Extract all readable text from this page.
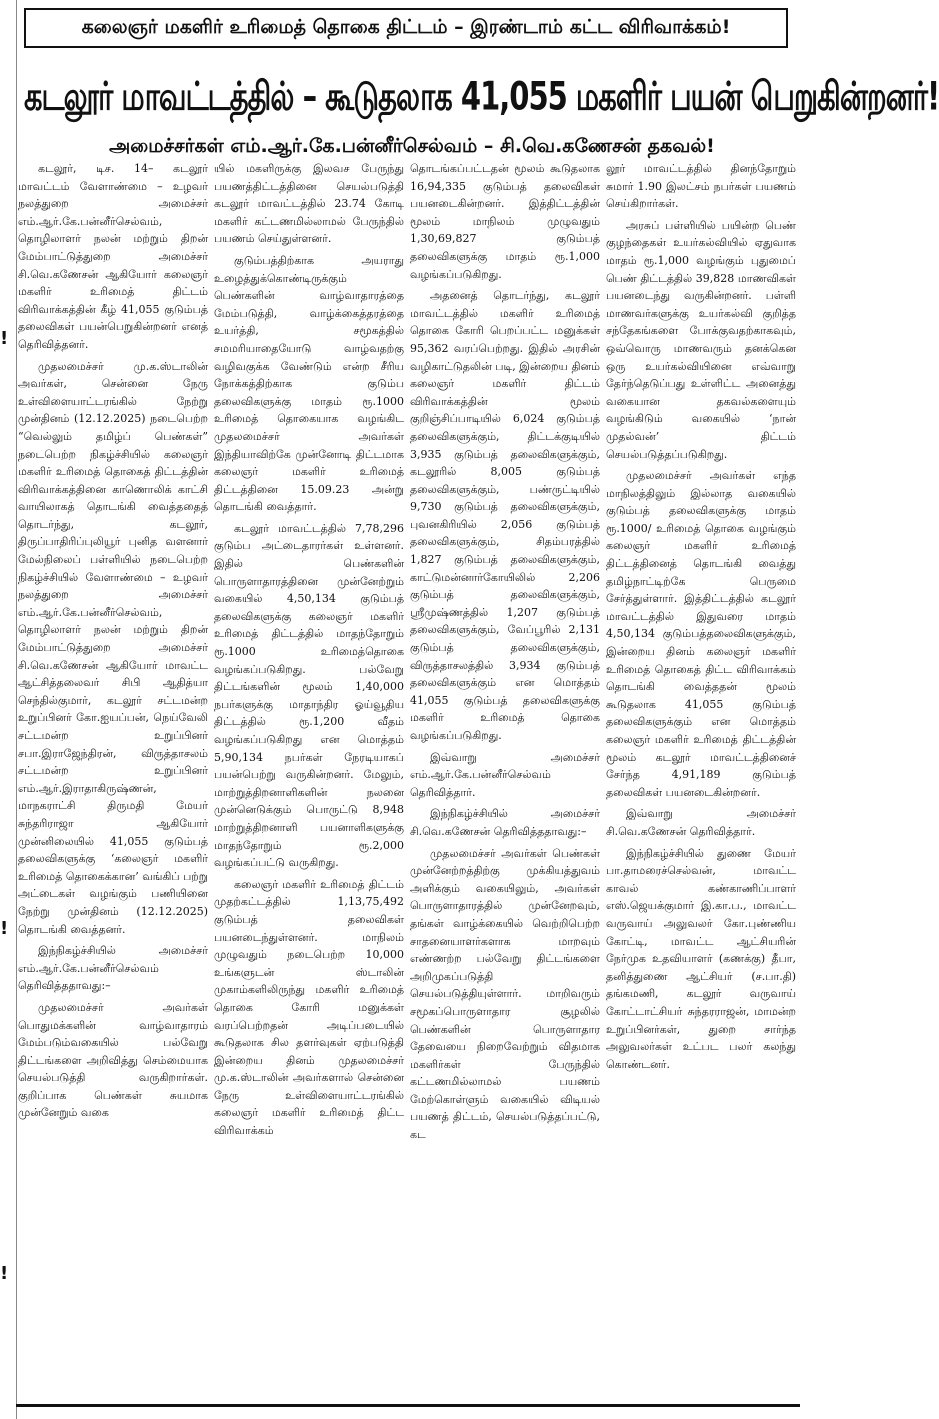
!
!
!
கலைஞர் மகளிர் உரிமைத் தொகை திட்டம் – இரண்டாம் கட்ட விரிவாக்கம்!
கடலூர் மாவட்டத்தில் – கூடுதலாக 41,055 மகளிர் பயன் பெறுகின்றனர்!
அமைச்சர்கள் எம்.ஆர்.கே.பன்னீர்செல்வம் – சி.வெ.கணேசன் தகவல்!

கடலூர், டிச. 14– கடலூர் மாவட்டம் வேளாண்மை – உழவர் நலத்துறை அமைச்சர் எம்.ஆர்.கே.பன்னீர்செல்வம், தொழிலாளர் நலன் மற்றும் திறன் மேம்பாட்டுத்துறை அமைச்சர் சி.வெ.கணேசன் ஆகியோர் கலைஞர் மகளிர் உரிமைத் திட்டம் விரிவாக்கத்தின் கீழ் 41,055 குடும்பத் தலைவிகள் பயன்பெறுகின்றனர் எனத் தெரிவித்தனர்.

முதலமைச்சர் மு.க.ஸ்டாலின் அவர்கள், சென்னை நேரு உள்விளையாட்டரங்கில் நேற்று முன்தினம் (12.12.2025) நடைபெற்ற “வெல்லும் தமிழ்ப் பெண்கள்” நடைபெற்ற நிகழ்ச்சியில் கலைஞர் மகளிர் உரிமைத் தொகைத் திட்டத்தின் விரிவாக்கத்தினை காணொலிக் காட்சி வாயிலாகத் தொடங்கி வைத்ததைத் தொடர்ந்து, கடலூர், திருப்பாதிரிப்புலியூர் புனித வளனார் மேல்நிலைப் பள்ளியில் நடைபெற்ற நிகழ்ச்சியில் வேளாண்மை – உழவர் நலத்துறை அமைச்சர் எம்.ஆர்.கே.பன்னீர்செல்வம், தொழிலாளர் நலன் மற்றும் திறன் மேம்பாட்டுத்துறை அமைச்சர் சி.வெ.கணேசன் ஆகியோர் மாவட்ட ஆட்சித்தலைவர் சிபி ஆதித்யா செந்தில்குமார், கடலூர் சட்டமன்ற உறுப்பினர் கோ.ஐயப்பன், நெய்வேலி சட்டமன்ற உறுப்பினர் சபா.இராஜேந்திரன், விருத்தாசலம் சட்டமன்ற உறுப்பினர் எம்.ஆர்.இராதாகிருஷ்ணன், மாநகராட்சி திருமதி மேயர் சுந்தரிராஜா ஆகியோர் முன்னிலையில் 41,055 குடும்பத் தலைவிகளுக்கு ‘கலைஞர் மகளிர் உரிமைத் தொகைக்கான’ வங்கிப் பற்று அட்டைகள் வழங்கும் பணியினை நேற்று முன்தினம் (12.12.2025) தொடங்கி வைத்தனர்.

இந்நிகழ்ச்சியில் அமைச்சர் எம்.ஆர்.கே.பன்னீர்செல்வம் தெரிவித்ததாவது:–

முதலமைச்சர் அவர்கள் பொதுமக்களின் வாழ்வாதாரம் மேம்படும்வகையில் பல்வேறு திட்டங்களை அறிவித்து செம்மையாக செயல்படுத்தி வருகிறார்கள். குறிப்பாக பெண்கள் சுயமாக முன்னேறும் வகை

யில் மகளிருக்கு இலவச பேருந்து பயணத்திட்டத்தினை செயல்படுத்தி கடலூர் மாவட்டத்தில் 23.74 கோடி மகளிர் கட்டணமில்லாமல் பேருந்தில் பயணம் செய்துள்ளனர்.

குடும்பத்திற்காக அயராது உழைத்துக்கொண்டிருக்கும் பெண்களின் வாழ்வாதாரத்தை மேம்படுத்தி, வாழ்க்கைத்தரத்தை உயர்த்தி, சமூகத்தில் சமமரியாதையோடு வாழ்வதற்கு வழிவகுக்க வேண்டும் என்ற சீரிய நோக்கத்திற்காக குடும்ப தலைவிகளுக்கு மாதம் ரூ.1000 உரிமைத் தொகையாக வழங்கிட முதலமைச்சர் அவர்கள் இந்தியாவிற்கே முன்னோடி திட்டமாக கலைஞர் மகளிர் உரிமைத் திட்டத்தினை 15.09.23 அன்று தொடங்கி வைத்தார்.

கடலூர் மாவட்டத்தில் 7,78,296 குடும்ப அட்டைதாரர்கள் உள்ளனர். இதில் பெண்களின் பொருளாதாரத்தினை முன்னேற்றும் வகையில் 4,50,134 குடும்பத் தலைவிகளுக்கு கலைஞர் மகளிர் உரிமைத் திட்டத்தில் மாதந்தோறும் ரூ.1000 உரிமைத்தொகை வழங்கப்படுகிறது. பல்வேறு திட்டங்களின் மூலம் 1,40,000 நபர்களுக்கு மாதாந்திர ஓய்வூதிய திட்டத்தில் ரூ.1,200 வீதம் வழங்கப்படுகிறது என மொத்தம் 5,90,134 நபர்கள் நேரடியாகப் பயன்பெற்று வருகின்றனர். மேலும், மாற்றுத்திறனாளிகளின் நலனை முன்னெடுக்கும் பொருட்டு 8,948 மாற்றுத்திறனாளி பயனாளிகளுக்கு மாதந்தோறும் ரூ.2,000 வழங்கப்பட்டு வருகிறது.

கலைஞர் மகளிர் உரிமைத் திட்டம் முதற்கட்டத்தில் 1,13,75,492 குடும்பத் தலைவிகள் பயனடைந்துள்ளனர். மாநிலம் முழுவதும் நடைபெற்ற 10,000 உங்களுடன் ஸ்டாலின் முகாம்களிலிருந்து மகளிர் உரிமைத் தொகை கோரி மனுக்கள் வரப்பெற்றதன் அடிப்படையில் கூடுதலாக சில தளர்வுகள் ஏற்படுத்தி இன்றைய தினம் முதலமைச்சர் மு.க.ஸ்டாலின் அவர்களால் சென்னை நேரு உள்விளையாட்டரங்கில் கலைஞர் மகளிர் உரிமைத் திட்ட விரிவாக்கம்

தொடங்கப்பட்டதன் மூலம் கூடுதலாக 16,94,335 குடும்பத் தலைவிகள் பயனடைகின்றனர். இத்திட்டத்தின் மூலம் மாநிலம் முழுவதும் 1,30,69,827 குடும்பத் தலைவிகளுக்கு மாதம் ரூ.1,000 வழங்கப்படுகிறது.

அதனைத் தொடர்ந்து, கடலூர் மாவட்டத்தில் மகளிர் உரிமைத் தொகை கோரி பெறப்பட்ட மனுக்கள் 95,362 வரப்பெற்றது. இதில் அரசின் வழிகாட்டுதலின் படி, இன்றைய தினம் கலைஞர் மகளிர் திட்டம் விரிவாக்கத்தின் மூலம் குறிஞ்சிப்பாடியில் 6,024 குடும்பத் தலைவிகளுக்கும், திட்டக்குடியில் 3,935 குடும்பத் தலைவிகளுக்கும், கடலூரில் 8,005 குடும்பத் தலைவிகளுக்கும், பண்ருட்டியில் 9,730 குடும்பத் தலைவிகளுக்கும், புவனகிரியில் 2,056 குடும்பத் தலைவிகளுக்கும், சிதம்பரத்தில் 1,827 குடும்பத் தலைவிகளுக்கும், காட்டுமன்னார்கோயிலில் 2,206 குடும்பத் தலைவிகளுக்கும், ஸ்ரீமுஷ்ணத்தில் 1,207 குடும்பத் தலைவிகளுக்கும், வேப்பூரில் 2,131 குடும்பத் தலைவிகளுக்கும், விருத்தாசலத்தில் 3,934 குடும்பத் தலைவிகளுக்கும் என மொத்தம் 41,055 குடும்பத் தலைவிகளுக்கு மகளிர் உரிமைத் தொகை வழங்கப்படுகிறது.

இவ்வாறு அமைச்சர் எம்.ஆர்.கே.பன்னீர்செல்வம் தெரிவித்தார்.

இந்நிகழ்ச்சியில் அமைச்சர் சி.வெ.கணேசன் தெரிவித்ததாவது:–

முதலமைச்சர் அவர்கள் பெண்கள் முன்னேற்றத்திற்கு முக்கியத்துவம் அளிக்கும் வகையிலும், அவர்கள் பொருளாதாரத்தில் முன்னேறவும், தங்கள் வாழ்க்கையில் வெற்றிபெற்ற சாதனையாளர்களாக மாறவும் எண்ணற்ற பல்வேறு திட்டங்களை அறிமுகப்படுத்தி செயல்படுத்தியுள்ளார். மாறிவரும் சமூகப்பொருளாதார சூழலில் பெண்களின் பொருளாதார தேவையை நிறைவேற்றும் விதமாக மகளிர்கள் பேருந்தில் கட்டணமில்லாமல் பயணம் மேற்கொள்ளும் வகையில் விடியல் பயணத் திட்டம், செயல்படுத்தப்பட்டு, கட

லூர் மாவட்டத்தில் தினந்தோறும் சுமார் 1.90 இலட்சம் நபர்கள் பயணம் செய்கிறார்கள்.

அரசுப் பள்ளியில் பயின்ற பெண் குழந்தைகள் உயர்கல்வியில் ஏதுவாக மாதம் ரூ.1,000 வழங்கும் புதுமைப் பெண் திட்டத்தில் 39,828 மாணவிகள் பயனடைந்து வருகின்றனர். பள்ளி மாணவர்களுக்கு உயர்கல்வி குறித்த சந்தேகங்களை போக்குவதற்காகவும், ஒவ்வொரு மாணவரும் தனக்கென ஒரு உயர்கல்வியினை எவ்வாறு தேர்ந்தெடுப்பது உள்ளிட்ட அனைத்து வகையான தகவல்களையும் வழங்கிடும் வகையில் ‘நான் முதல்வன்’ திட்டம் செயல்படுத்தப்படுகிறது.

முதலமைச்சர் அவர்கள் எந்த மாநிலத்திலும் இல்லாத வகையில் குடும்பத் தலைவிகளுக்கு மாதம் ரூ.1000/ உரிமைத் தொகை வழங்கும் கலைஞர் மகளிர் உரிமைத் திட்டத்தினைத் தொடங்கி வைத்து தமிழ்நாட்டிற்கே பெருமை சேர்த்துள்ளார். இத்திட்டத்தில் கடலூர் மாவட்டத்தில் இதுவரை மாதம் 4,50,134 குடும்பத்தலைவிகளுக்கும், இன்றைய தினம் கலைஞர் மகளிர் உரிமைத் தொகைத் திட்ட விரிவாக்கம் தொடங்கி வைத்ததன் மூலம் கூடுதலாக 41,055 குடும்பத் தலைவிகளுக்கும் என மொத்தம் கலைஞர் மகளிர் உரிமைத் திட்டத்தின் மூலம் கடலூர் மாவட்டத்தினைச் சேர்ந்த 4,91,189 குடும்பத் தலைவிகள் பயனடைகின்றனர்.

இவ்வாறு அமைச்சர் சி.வெ.கணேசன் தெரிவித்தார்.

இந்நிகழ்ச்சியில் துணை மேயர் பா.தாமரைச்செல்வன், மாவட்ட காவல் கண்காணிப்பாளர் எஸ்.ஜெயக்குமார் இ.கா.ப., மாவட்ட வருவாய் அலுவலர் கோ.புண்ணிய கோட்டி, மாவட்ட ஆட்சியரின் நேர்முக உதவியாளர் (கணக்கு) தீபா, தனித்துணை ஆட்சியர் (ச.பா.தி) தங்கமணி, கடலூர் வருவாய் கோட்டாட்சியர் சுந்தரராஜன், மாமன்ற உறுப்பினர்கள், துறை சார்ந்த அலுவலர்கள் உட்பட பலர் கலந்து கொண்டனர்.
